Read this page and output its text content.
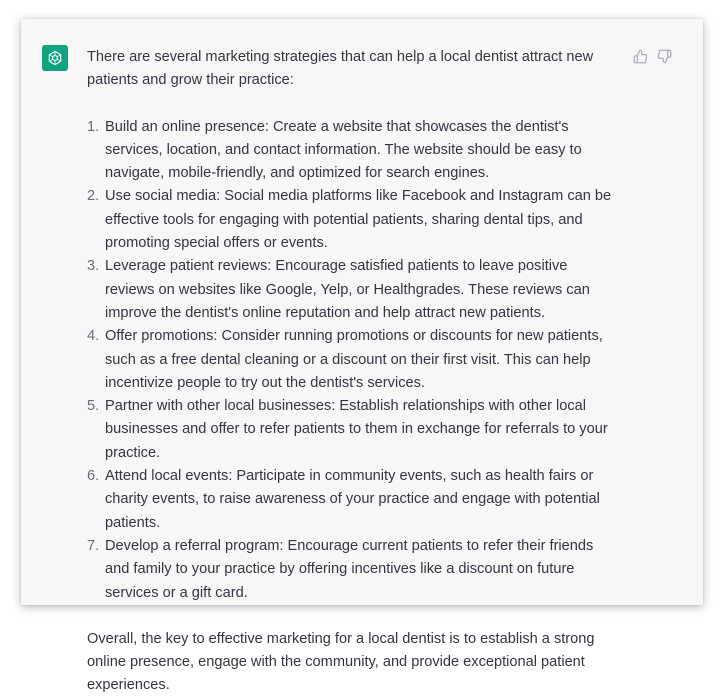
There are several marketing strategies that can help a local dentist attract new patients and grow their practice:

1. Build an online presence: Create a website that showcases the dentist's services, location, and contact information. The website should be easy to navigate, mobile-friendly, and optimized for search engines.
2. Use social media: Social media platforms like Facebook and Instagram can be effective tools for engaging with potential patients, sharing dental tips, and promoting special offers or events.
3. Leverage patient reviews: Encourage satisfied patients to leave positive reviews on websites like Google, Yelp, or Healthgrades. These reviews can improve the dentist's online reputation and help attract new patients.
4. Offer promotions: Consider running promotions or discounts for new patients, such as a free dental cleaning or a discount on their first visit. This can help incentivize people to try out the dentist's services.
5. Partner with other local businesses: Establish relationships with other local businesses and offer to refer patients to them in exchange for referrals to your practice.
6. Attend local events: Participate in community events, such as health fairs or charity events, to raise awareness of your practice and engage with potential patients.
7. Develop a referral program: Encourage current patients to refer their friends and family to your practice by offering incentives like a discount on future services or a gift card.

Overall, the key to effective marketing for a local dentist is to establish a strong online presence, engage with the community, and provide exceptional patient experiences.
